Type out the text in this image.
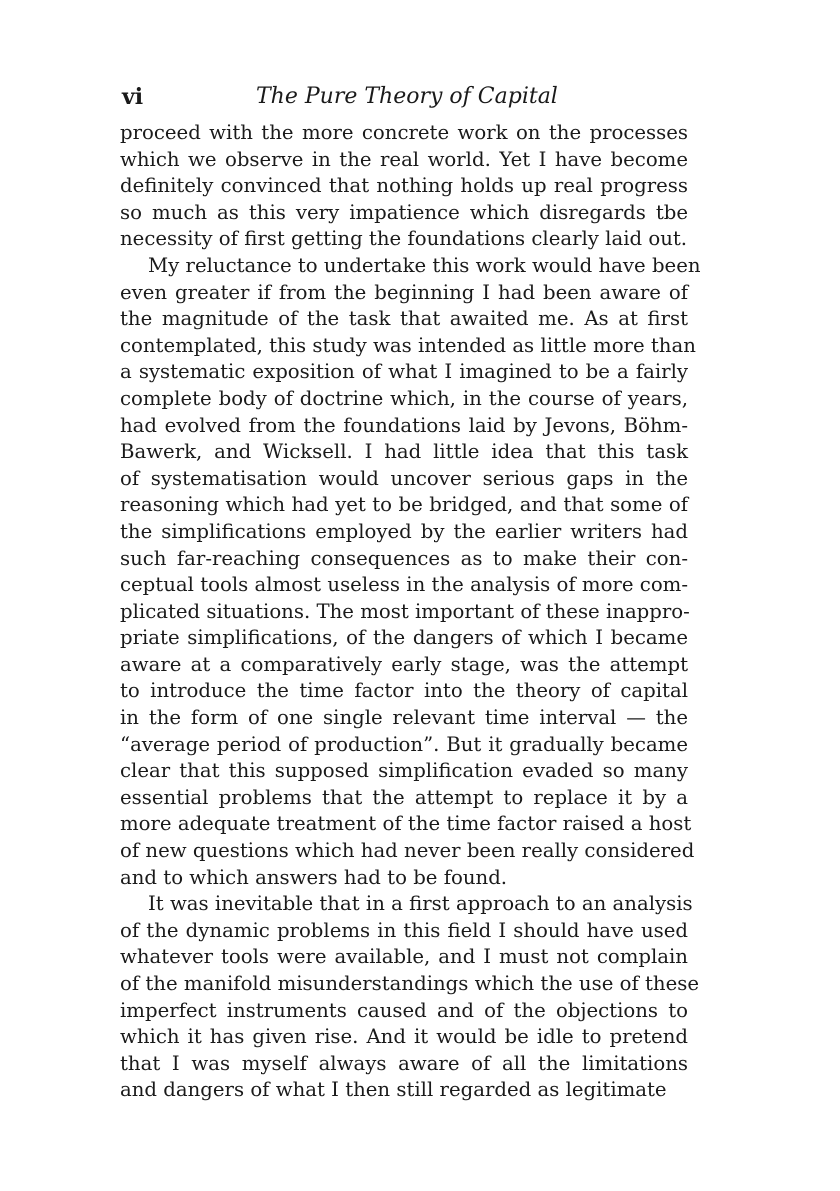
vi	The Pure Theory of Capital
proceed with the more concrete work on the processes
which we observe in the real world. Yet I have become
definitely convinced that nothing holds up real progress
so much as this very impatience which disregards tbe
necessity of first getting the foundations clearly laid out.
My reluctance to undertake this work would have been
even greater if from the beginning I had been aware of
the magnitude of the task that awaited me. As at first
contemplated, this study was intended as little more than
a systematic exposition of what I imagined to be a fairly
complete body of doctrine which, in the course of years,
had evolved from the foundations laid by Jevons, Böhm-
Bawerk, and Wicksell. I had little idea that this task
of systematisation would uncover serious gaps in the
reasoning which had yet to be bridged, and that some of
the simplifications employed by the earlier writers had
such far-reaching consequences as to make their con-
ceptual tools almost useless in the analysis of more com-
plicated situations. The most important of these inappro-
priate simplifications, of the dangers of which I became
aware at a comparatively early stage, was the attempt
to introduce the time factor into the theory of capital
in the form of one single relevant time interval — the
“average period of production”. But it gradually became
clear that this supposed simplification evaded so many
essential problems that the attempt to replace it by a
more adequate treatment of the time factor raised a host
of new questions which had never been really considered
and to which answers had to be found.
It was inevitable that in a first approach to an analysis
of the dynamic problems in this field I should have used
whatever tools were available, and I must not complain
of the manifold misunderstandings which the use of these
imperfect instruments caused and of the objections to
which it has given rise. And it would be idle to pretend
that I was myself always aware of all the limitations
and dangers of what I then still regarded as legitimate
